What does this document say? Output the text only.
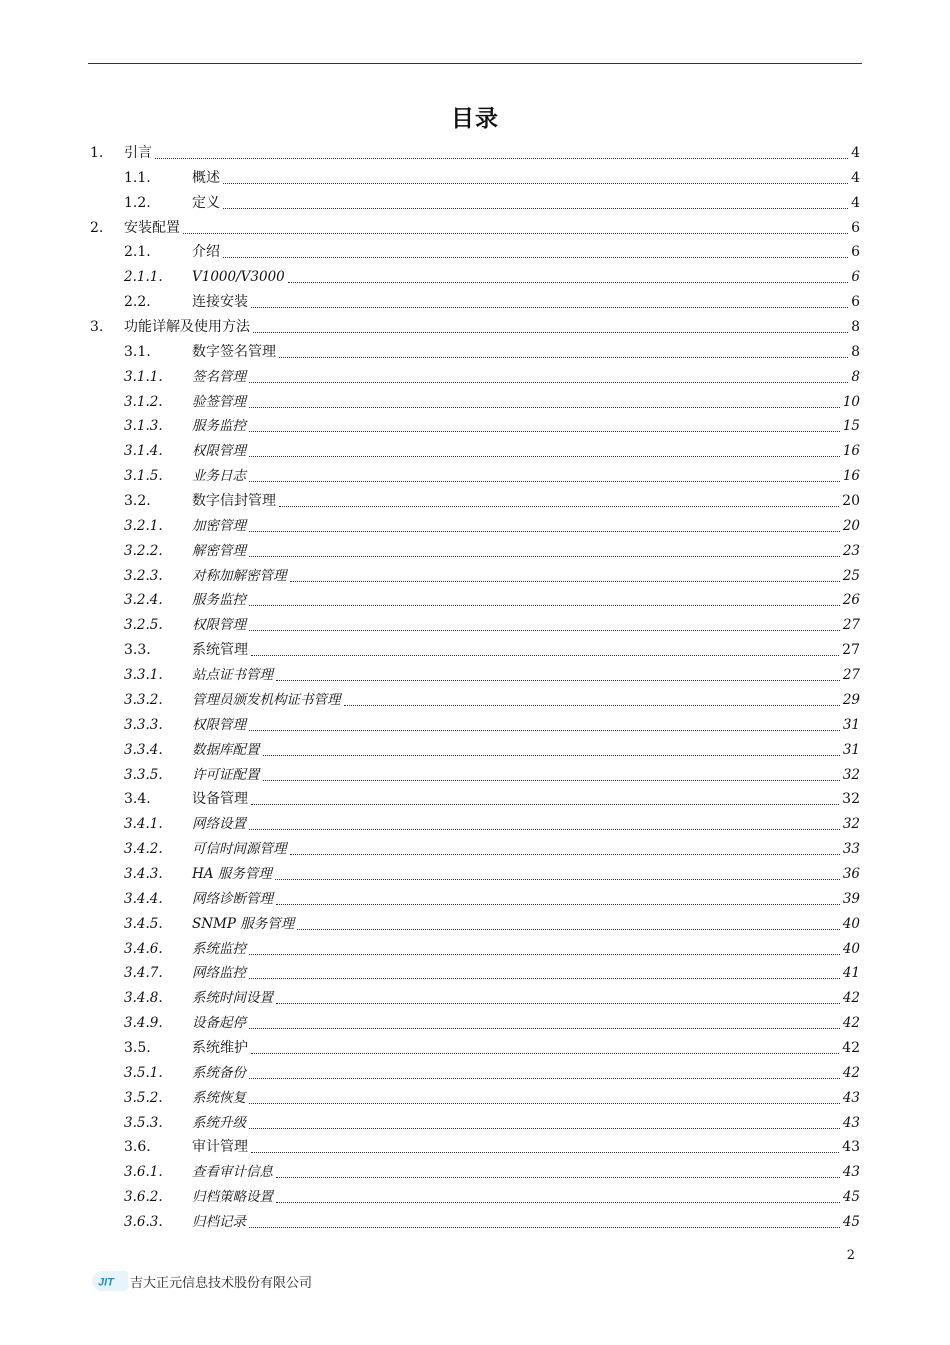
目录
1.	引言	4
1.1.	概述	4
1.2.	定义	4
2.	安装配置	6
2.1.	介绍	6
2.1.1.	V1000/V3000	6
2.2.	连接安装	6
3.	功能详解及使用方法	8
3.1.	数字签名管理	8
3.1.1.	签名管理	8
3.1.2.	验签管理	10
3.1.3.	服务监控	15
3.1.4.	权限管理	16
3.1.5.	业务日志	16
3.2.	数字信封管理	20
3.2.1.	加密管理	20
3.2.2.	解密管理	23
3.2.3.	对称加解密管理	25
3.2.4.	服务监控	26
3.2.5.	权限管理	27
3.3.	系统管理	27
3.3.1.	站点证书管理	27
3.3.2.	管理员颁发机构证书管理	29
3.3.3.	权限管理	31
3.3.4.	数据库配置	31
3.3.5.	许可证配置	32
3.4.	设备管理	32
3.4.1.	网络设置	32
3.4.2.	可信时间源管理	33
3.4.3.	HA 服务管理	36
3.4.4.	网络诊断管理	39
3.4.5.	SNMP 服务管理	40
3.4.6.	系统监控	40
3.4.7.	网络监控	41
3.4.8.	系统时间设置	42
3.4.9.	设备起停	42
3.5.	系统维护	42
3.5.1.	系统备份	42
3.5.2.	系统恢复	43
3.5.3.	系统升级	43
3.6.	审计管理	43
3.6.1.	查看审计信息	43
3.6.2.	归档策略设置	45
3.6.3.	归档记录	45
2
JIT 吉大正元信息技术股份有限公司
